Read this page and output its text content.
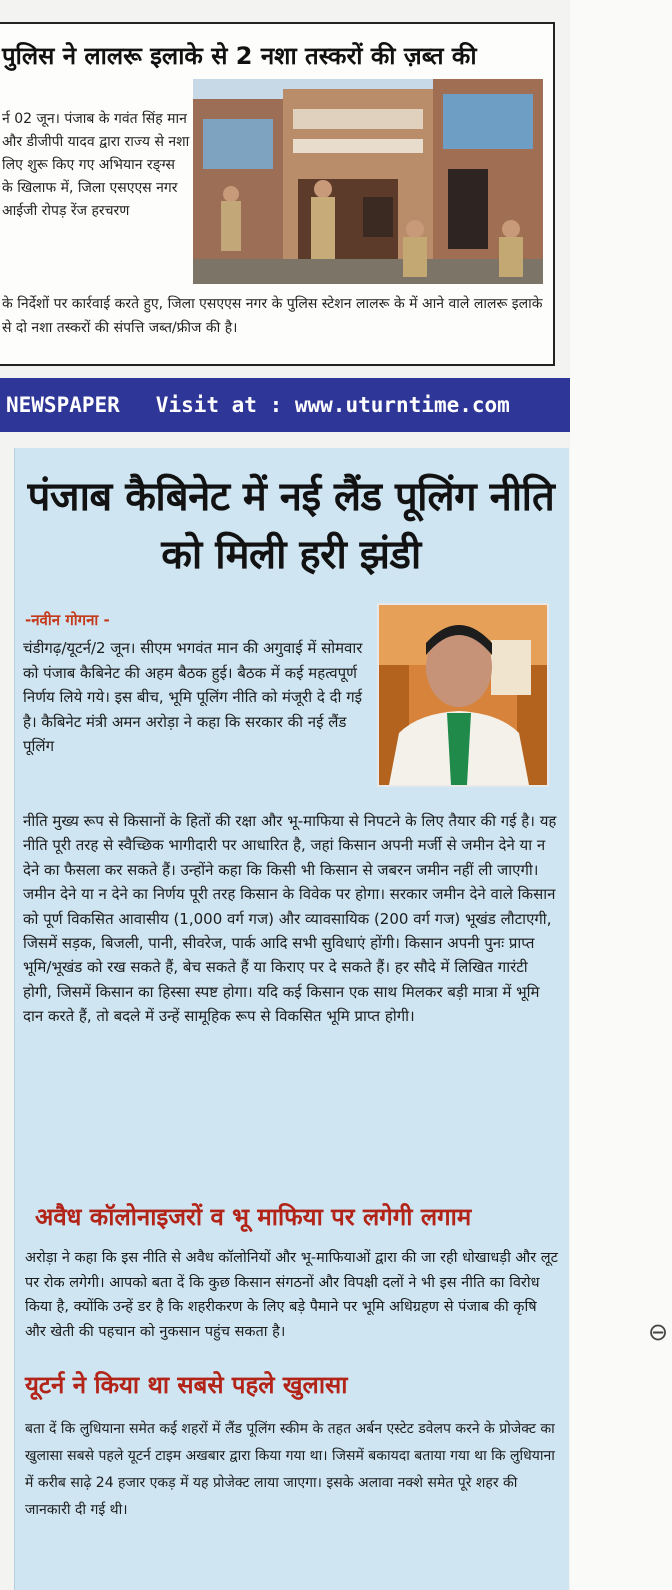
⊖
पुलिस ने लालरू इलाके से 2 नशा तस्करों की ज़ब्त की
र्न 02 जून। पंजाब के गवंत सिंह मान और डीजीपी यादव द्वारा राज्य से नशा लिए शुरू किए गए अभियान रङ्ग्स के खिलाफ में, जिला एसएएस नगर आईजी रोपड़ रेंज हरचरण
के निर्देशों पर कार्रवाई करते हुए, जिला एसएएस नगर के पुलिस स्टेशन लालरू के में आने वाले लालरू इलाके से दो नशा तस्करों की संपत्ति जब्त/फ्रीज की है।
NEWSPAPER Visit at : www.uturntime.com
पंजाब कैबिनेट में नई लैंड पूलिंग नीति को मिली हरी झंडी
-नवीन गोगना -
चंडीगढ़/यूटर्न/2 जून। सीएम भगवंत मान की अगुवाई में सोमवार को पंजाब कैबिनेट की अहम बैठक हुई। बैठक में कई महत्वपूर्ण निर्णय लिये गये। इस बीच, भूमि पूलिंग नीति को मंजूरी दे दी गई है। कैबिनेट मंत्री अमन अरोड़ा ने कहा कि सरकार की नई लैंड पूलिंग
नीति मुख्य रूप से किसानों के हितों की रक्षा और भू-माफिया से निपटने के लिए तैयार की गई है। यह नीति पूरी तरह से स्वैच्छिक भागीदारी पर आधारित है, जहां किसान अपनी मर्जी से जमीन देने या न देने का फैसला कर सकते हैं। उन्होंने कहा कि किसी भी किसान से जबरन जमीन नहीं ली जाएगी। जमीन देने या न देने का निर्णय पूरी तरह किसान के विवेक पर होगा। सरकार जमीन देने वाले किसान को पूर्ण विकसित आवासीय (1,000 वर्ग गज) और व्यावसायिक (200 वर्ग गज) भूखंड लौटाएगी, जिसमें सड़क, बिजली, पानी, सीवरेज, पार्क आदि सभी सुविधाएं होंगी। किसान अपनी पुनः प्राप्त भूमि/भूखंड को रख सकते हैं, बेच सकते हैं या किराए पर दे सकते हैं। हर सौदे में लिखित गारंटी होगी, जिसमें किसान का हिस्सा स्पष्ट होगा। यदि कई किसान एक साथ मिलकर बड़ी मात्रा में भूमि दान करते हैं, तो बदले में उन्हें सामूहिक रूप से विकसित भूमि प्राप्त होगी।
अवैध कॉलोनाइजरों व भू माफिया पर लगेगी लगाम
अरोड़ा ने कहा कि इस नीति से अवैध कॉलोनियों और भू-माफियाओं द्वारा की जा रही धोखाधड़ी और लूट पर रोक लगेगी। आपको बता दें कि कुछ किसान संगठनों और विपक्षी दलों ने भी इस नीति का विरोध किया है, क्योंकि उन्हें डर है कि शहरीकरण के लिए बड़े पैमाने पर भूमि अधिग्रहण से पंजाब की कृषि और खेती की पहचान को नुकसान पहुंच सकता है।
यूटर्न ने किया था सबसे पहले खुलासा
बता दें कि लुधियाना समेत कई शहरों में लैंड पूलिंग स्कीम के तहत अर्बन एस्टेट डवेलप करने के प्रोजेक्ट का खुलासा सबसे पहले यूटर्न टाइम अखबार द्वारा किया गया था। जिसमें बकायदा बताया गया था कि लुधियाना में करीब साढ़े 24 हजार एकड़ में यह प्रोजेक्ट लाया जाएगा। इसके अलावा नक्शे समेत पूरे शहर की जानकारी दी गई थी।
